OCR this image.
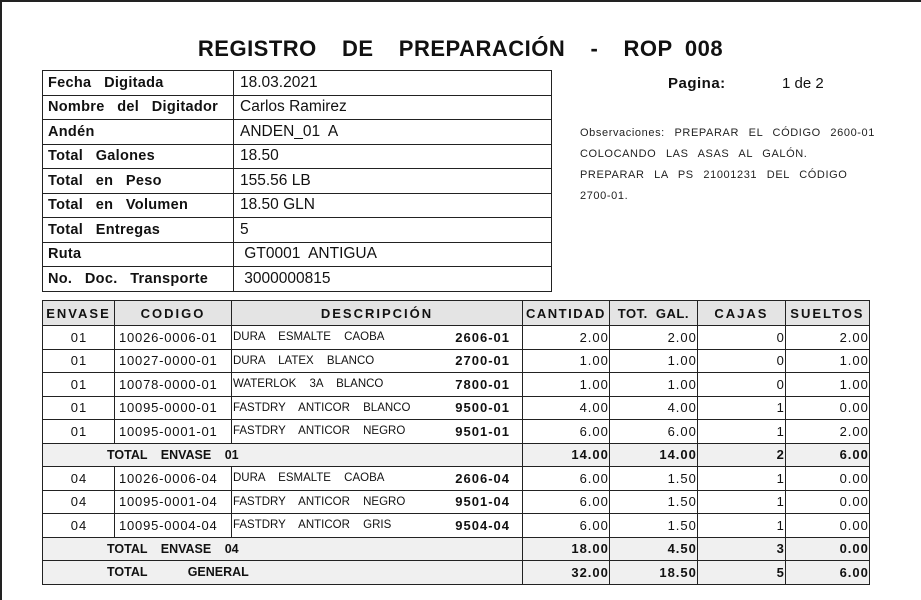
REGISTRO  DE  PREPARACIÓN  -  ROP 008
Fecha  Digitada	18.03.2021
Nombre  del  Digitador	Carlos Ramirez
Andén	ANDEN_01  A
Total  Galones	18.50
Total  en  Peso	155.56 LB
Total  en  Volumen	18.50 GLN
Total  Entregas	5
Ruta	GT0001  ANTIGUA
No.  Doc.  Transporte	3000000815
Pagina:	1 de 2
Observaciones: PREPARAR EL CÓDIGO 2600-01 COLOCANDO LAS ASAS AL GALÓN. PREPARAR LA PS 21001231 DEL CÓDIGO 2700-01.
ENVASE	CODIGO	DESCRIPCIÓN	CANTIDAD	TOT.  GAL.	CAJAS	SUELTOS
01	10026-0006-01	DURA ESMALTE CAOBA 2606-01	2.00	2.00	0	2.00
01	10027-0000-01	DURA LATEX BLANCO 2700-01	1.00	1.00	0	1.00
01	10078-0000-01	WATERLOK 3A BLANCO 7800-01	1.00	1.00	0	1.00
01	10095-0000-01	FASTDRY ANTICOR BLANCO 9500-01	4.00	4.00	1	0.00
01	10095-0001-01	FASTDRY ANTICOR NEGRO 9501-01	6.00	6.00	1	2.00
TOTAL ENVASE 01			14.00	14.00	2	6.00
04	10026-0006-04	DURA ESMALTE CAOBA 2606-04	6.00	1.50	1	0.00
04	10095-0001-04	FASTDRY ANTICOR NEGRO 9501-04	6.00	1.50	1	0.00
04	10095-0004-04	FASTDRY ANTICOR GRIS 9504-04	6.00	1.50	1	0.00
TOTAL ENVASE 04			18.00	4.50	3	0.00
TOTAL   GENERAL			32.00	18.50	5	6.00
